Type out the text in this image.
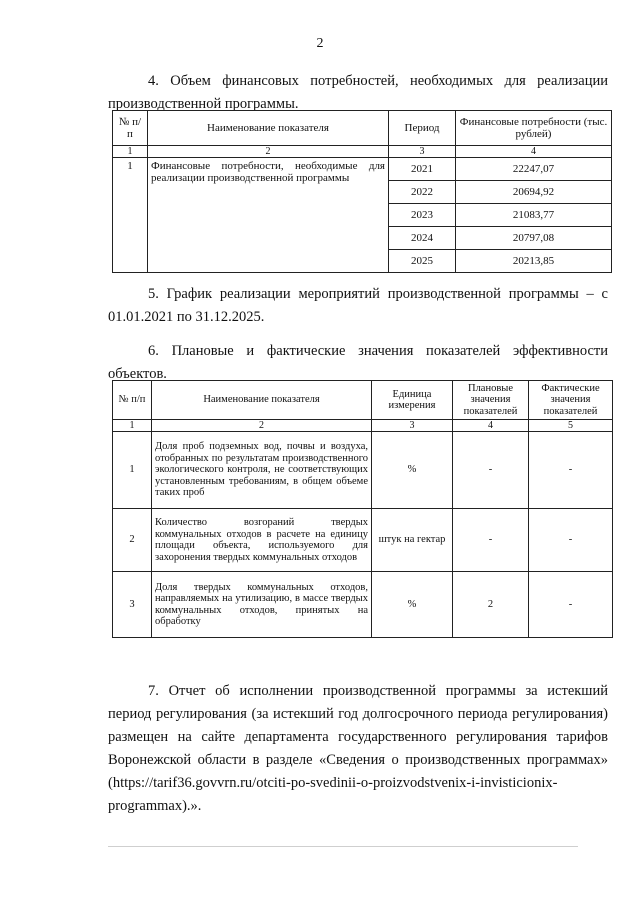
2

4. Объем финансовых потребностей, необходимых для реализации производственной программы.

№ п/п	Наименование показателя	Период	Финансовые потребности (тыс. рублей)
1	2	3	4
1	Финансовые потребности, необходимые для реализации производственной программы	2021	22247,07
		2022	20694,92
		2023	21083,77
		2024	20797,08
		2025	20213,85

5. График реализации мероприятий производственной программы – с 01.01.2021 по 31.12.2025.

6. Плановые и фактические значения показателей эффективности объектов.

№ п/п	Наименование показателя	Единица измерения	Плановые значения показателей	Фактические значения показателей
1	2	3	4	5
1	Доля проб подземных вод, почвы и воздуха, отобранных по результатам производственного экологического контроля, не соответствующих установленным требованиям, в общем объеме таких проб	%	-	-
2	Количество возгораний твердых коммунальных отходов в расчете на единицу площади объекта, используемого для захоронения твердых коммунальных отходов	штук на гектар	-	-
3	Доля твердых коммунальных отходов, направляемых на утилизацию, в массе твердых коммунальных отходов, принятых на обработку	%	2	-

7. Отчет об исполнении производственной программы за истекший период регулирования (за истекший год долгосрочного периода регулирования) размещен на сайте департамента государственного регулирования тарифов Воронежской области в разделе «Сведения о производственных программах» (https://tarif36.govvrn.ru/otciti-po-svedinii-o-proizvodstvenix-i-invisticionix-programmax).».
